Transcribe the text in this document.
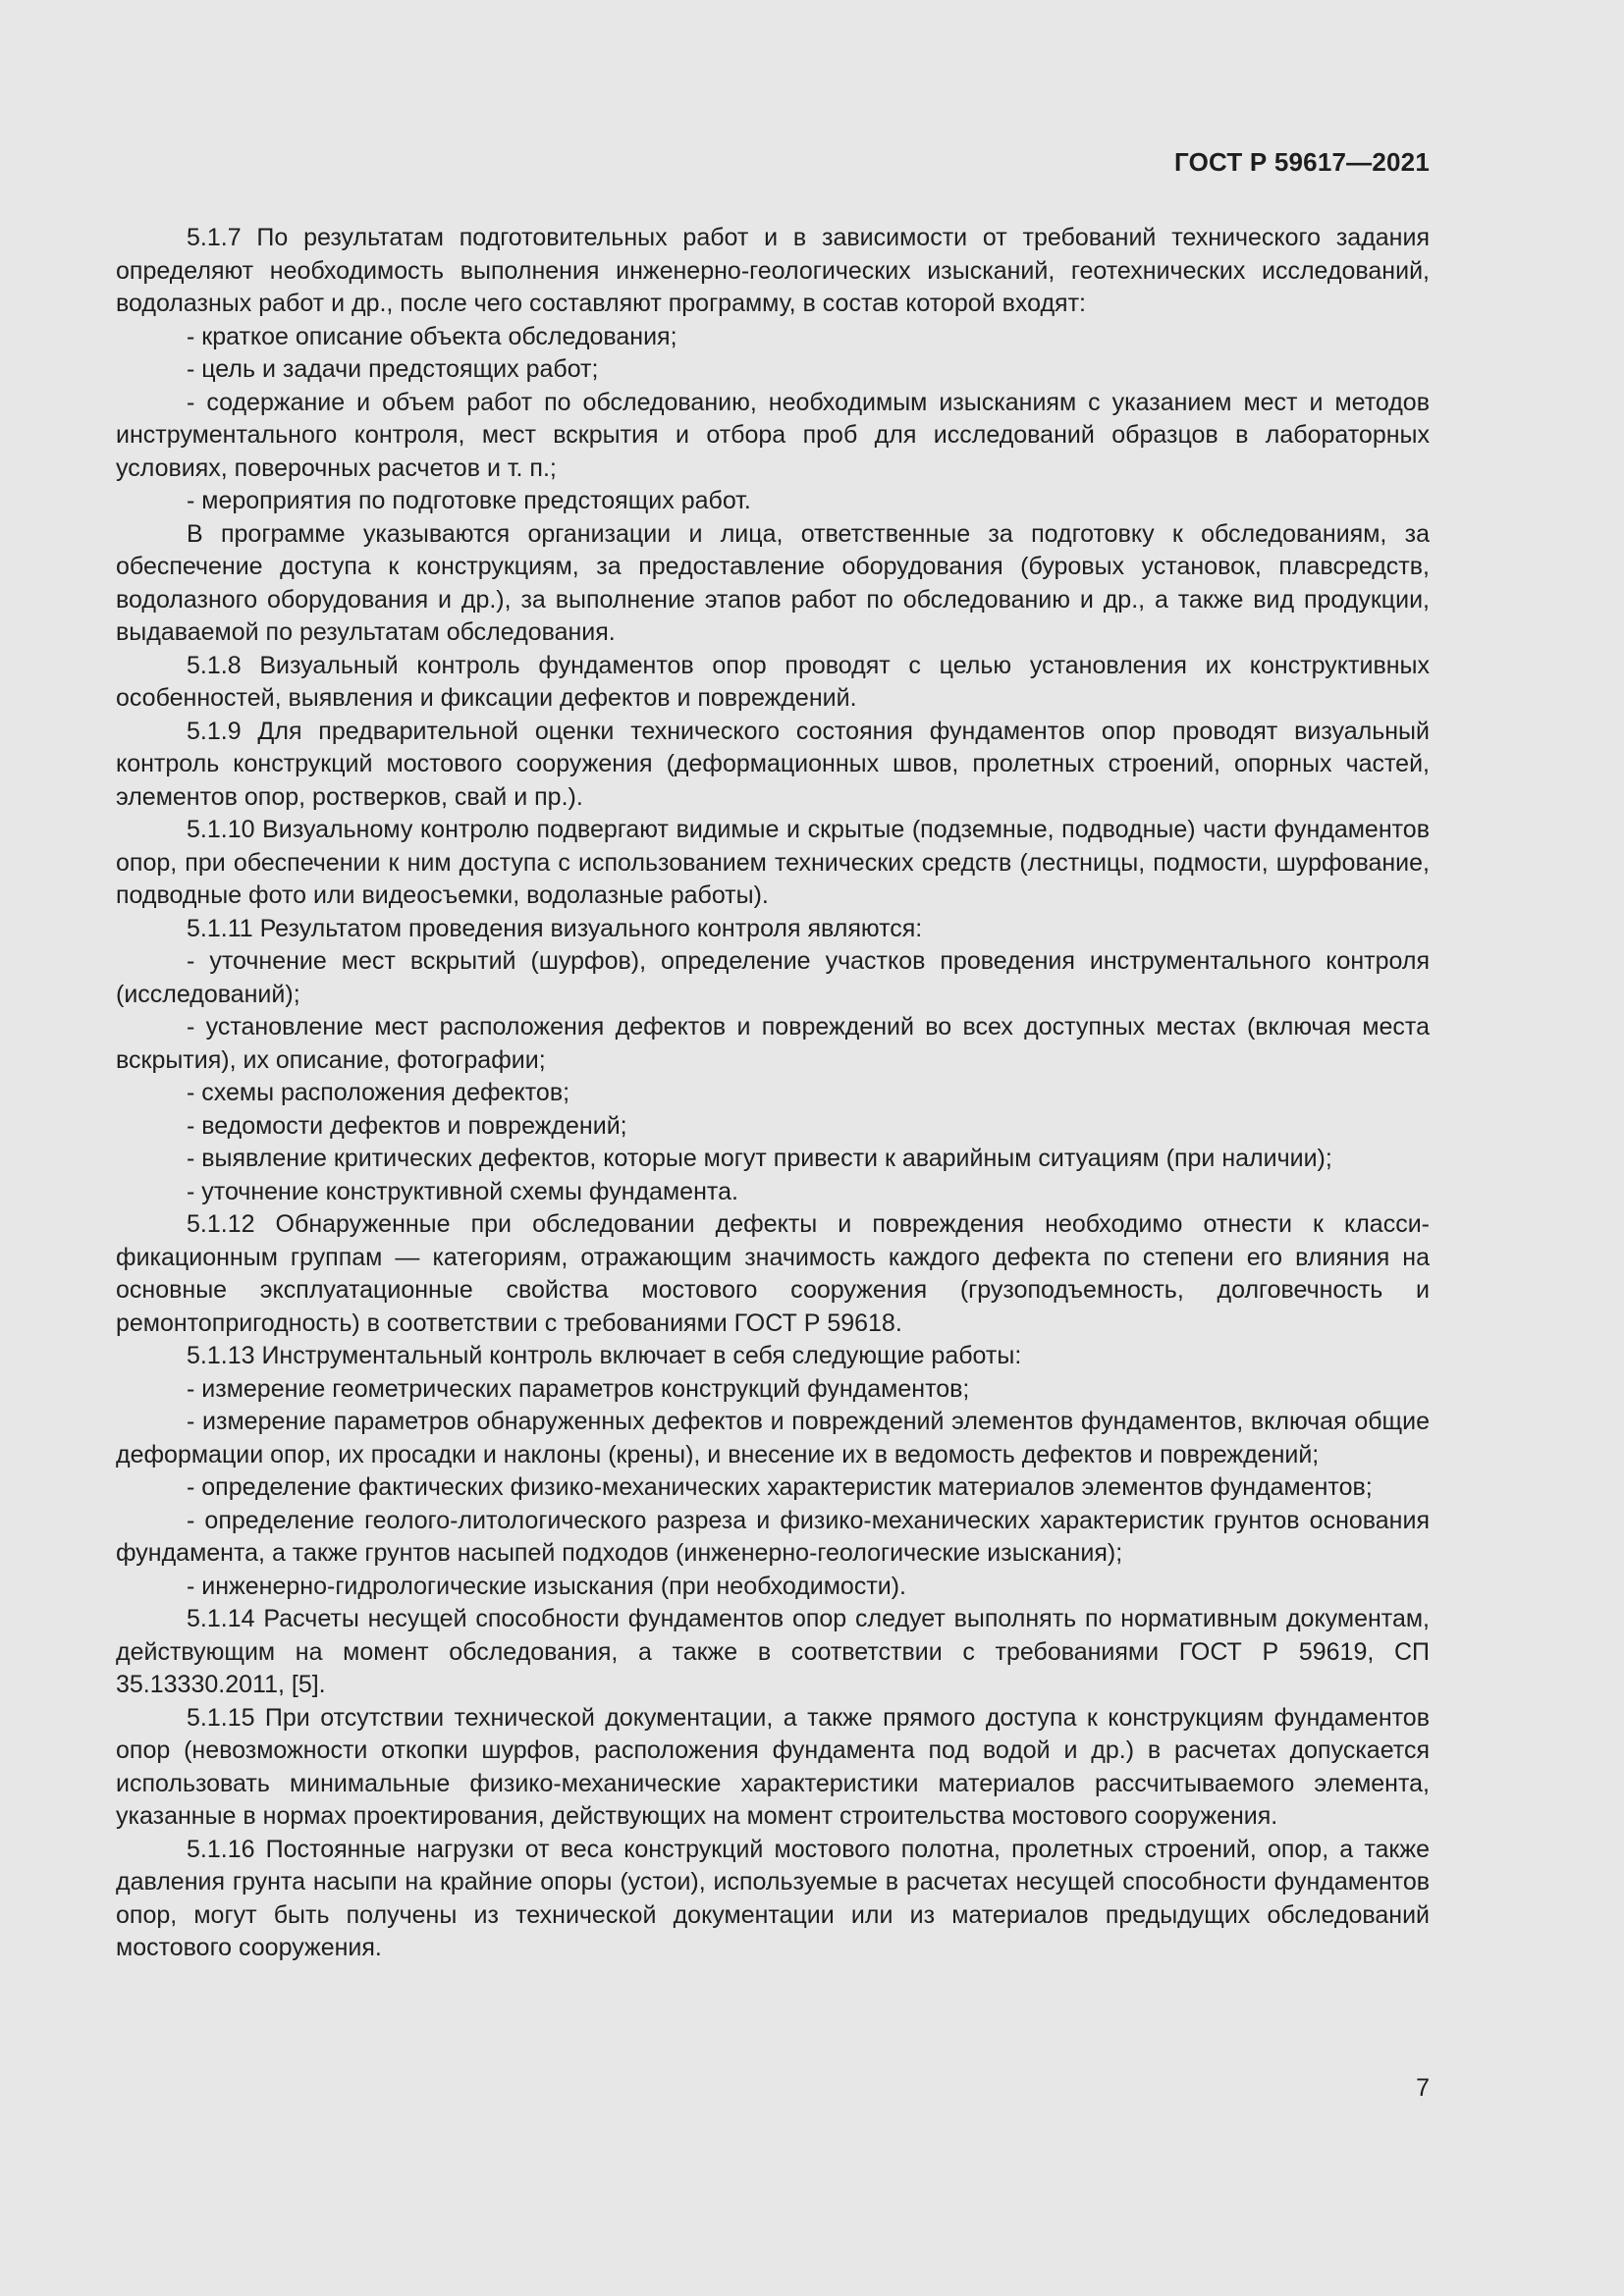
ГОСТ Р 59617—2021

5.1.7 По результатам подготовительных работ и в зависимости от требований технического задания определяют необходимость выполнения инженерно-геологических изысканий, геотехнических исследований, водолазных работ и др., после чего составляют программу, в состав которой входят:

- краткое описание объекта обследования;

- цель и задачи предстоящих работ;

- содержание и объем работ по обследованию, необходимым изысканиям с указанием мест и методов инструментального контроля, мест вскрытия и отбора проб для исследований образцов в лабораторных условиях, поверочных расчетов и т. п.;

- мероприятия по подготовке предстоящих работ.

В программе указываются организации и лица, ответственные за подготовку к обследованиям, за обеспечение доступа к конструкциям, за предоставление оборудования (буровых установок, плавсредств, водолазного оборудования и др.), за выполнение этапов работ по обследованию и др., а также вид продукции, выдаваемой по результатам обследования.

5.1.8 Визуальный контроль фундаментов опор проводят с целью установления их конструктивных особенностей, выявления и фиксации дефектов и повреждений.

5.1.9 Для предварительной оценки технического состояния фундаментов опор проводят визуальный контроль конструкций мостового сооружения (деформационных швов, пролетных строений, опорных частей, элементов опор, ростверков, свай и пр.).

5.1.10 Визуальному контролю подвергают видимые и скрытые (подземные, подводные) части фундаментов опор, при обеспечении к ним доступа с использованием технических средств (лестницы, подмости, шурфование, подводные фото или видеосъемки, водолазные работы).

5.1.11 Результатом проведения визуального контроля являются:

- уточнение мест вскрытий (шурфов), определение участков проведения инструментального контроля (исследований);

- установление мест расположения дефектов и повреждений во всех доступных местах (включая места вскрытия), их описание, фотографии;

- схемы расположения дефектов;

- ведомости дефектов и повреждений;

- выявление критических дефектов, которые могут привести к аварийным ситуациям (при наличии);

- уточнение конструктивной схемы фундамента.

5.1.12 Обнаруженные при обследовании дефекты и повреждения необходимо отнести к классификационным группам — категориям, отражающим значимость каждого дефекта по степени его влияния на основные эксплуатационные свойства мостового сооружения (грузоподъемность, долговечность и ремонтопригодность) в соответствии с требованиями ГОСТ Р 59618.

5.1.13 Инструментальный контроль включает в себя следующие работы:

- измерение геометрических параметров конструкций фундаментов;

- измерение параметров обнаруженных дефектов и повреждений элементов фундаментов, включая общие деформации опор, их просадки и наклоны (крены), и внесение их в ведомость дефектов и повреждений;

- определение фактических физико-механических характеристик материалов элементов фундаментов;

- определение геолого-литологического разреза и физико-механических характеристик грунтов основания фундамента, а также грунтов насыпей подходов (инженерно-геологические изыскания);

- инженерно-гидрологические изыскания (при необходимости).

5.1.14 Расчеты несущей способности фундаментов опор следует выполнять по нормативным документам, действующим на момент обследования, а также в соответствии с требованиями ГОСТ Р 59619, СП 35.13330.2011, [5].

5.1.15 При отсутствии технической документации, а также прямого доступа к конструкциям фундаментов опор (невозможности откопки шурфов, расположения фундамента под водой и др.) в расчетах допускается использовать минимальные физико-механические характеристики материалов рассчитываемого элемента, указанные в нормах проектирования, действующих на момент строительства мостового сооружения.

5.1.16 Постоянные нагрузки от веса конструкций мостового полотна, пролетных строений, опор, а также давления грунта насыпи на крайние опоры (устои), используемые в расчетах несущей способности фундаментов опор, могут быть получены из технической документации или из материалов предыдущих обследований мостового сооружения.

7
